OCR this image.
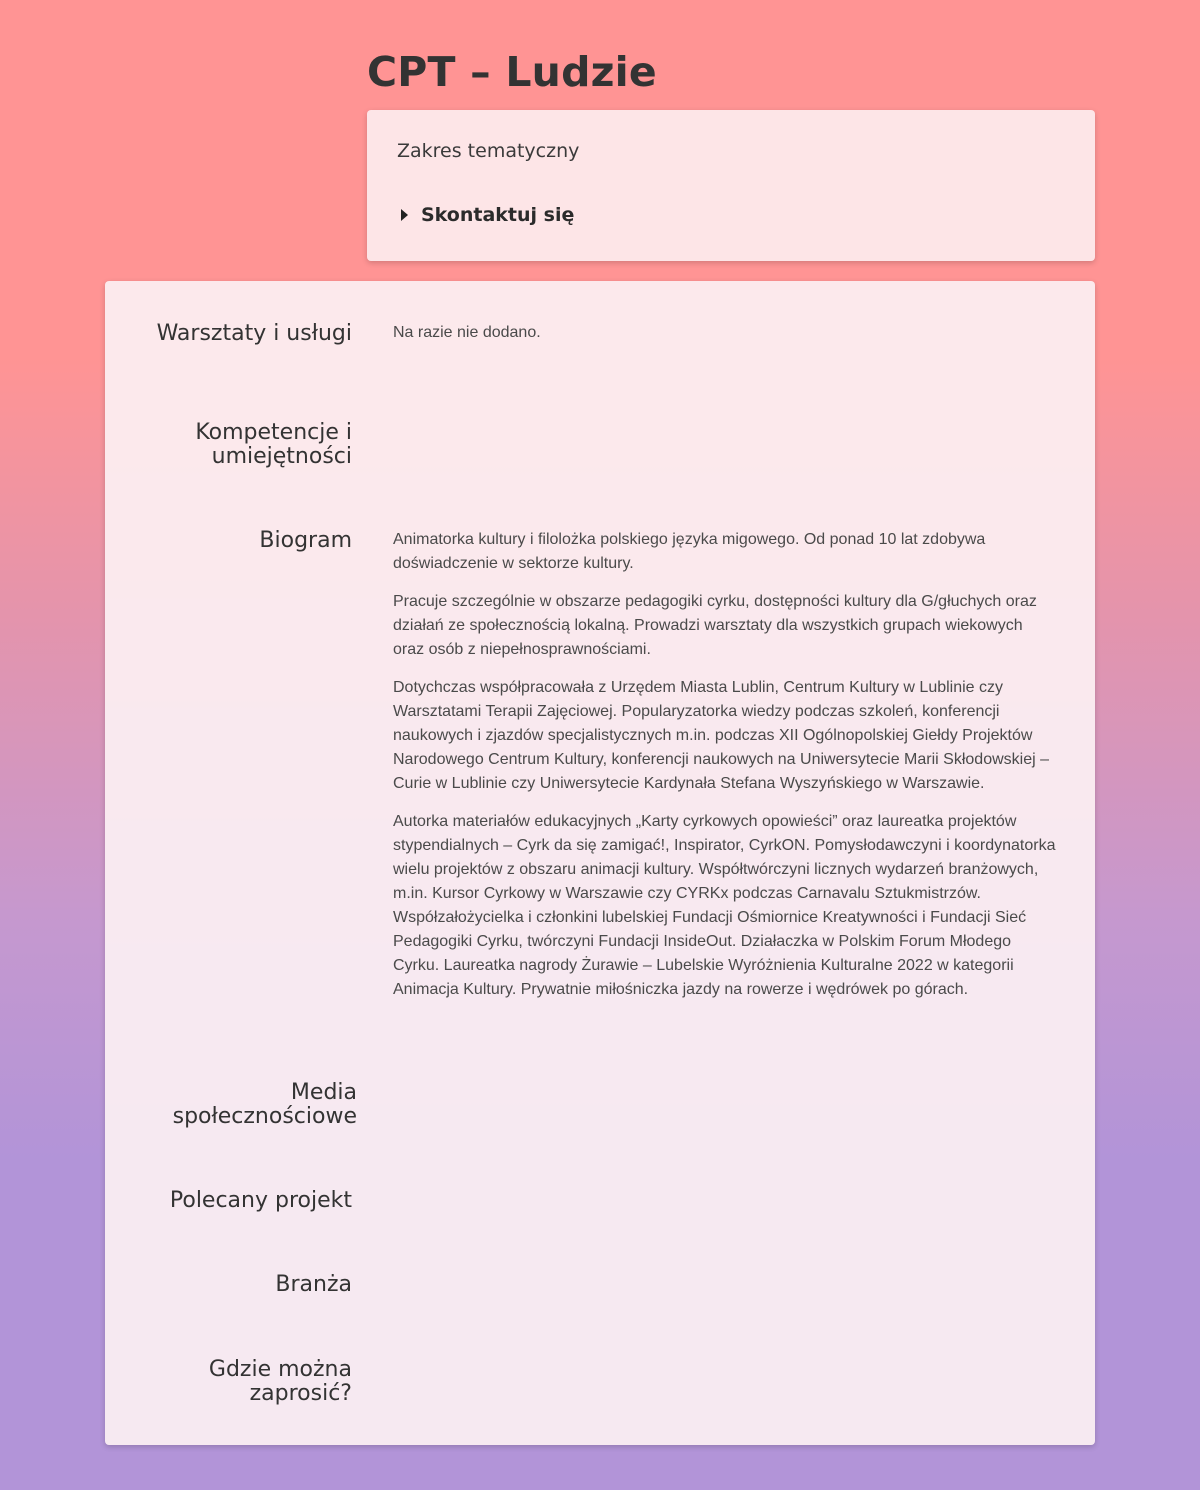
CPT – Ludzie
Zakres tematyczny
Skontaktuj się
Warsztaty i usługi	Na razie nie dodano.
Kompetencje i
umiejętności
Biogram	Animatorka kultury i filolożka polskiego języka migowego. Od ponad 10 lat zdobywa doświadczenie w sektorze kultury.

Pracuje szczególnie w obszarze pedagogiki cyrku, dostępności kultury dla G/głuchych oraz działań ze społecznością lokalną. Prowadzi warsztaty dla wszystkich grupach wiekowych oraz osób z niepełnosprawnościami.

Dotychczas współpracowała z Urzędem Miasta Lublin, Centrum Kultury w Lublinie czy Warsztatami Terapii Zajęciowej. Popularyzatorka wiedzy podczas szkoleń, konferencji naukowych i zjazdów specjalistycznych m.in. podczas XII Ogólnopolskiej Giełdy Projektów Narodowego Centrum Kultury, konferencji naukowych na Uniwersytecie Marii Skłodowskiej – Curie w Lublinie czy Uniwersytecie Kardynała Stefana Wyszyńskiego w Warszawie.

Autorka materiałów edukacyjnych „Karty cyrkowych opowieści” oraz laureatka projektów stypendialnych – Cyrk da się zamigać!, Inspirator, CyrkON. Pomysłodawczyni i koordynatorka wielu projektów z obszaru animacji kultury. Współtwórczyni licznych wydarzeń branżowych, m.in. Kursor Cyrkowy w Warszawie czy CYRKx podczas Carnavalu Sztukmistrzów. Współzałożycielka i członkini lubelskiej Fundacji Ośmiornice Kreatywności i Fundacji Sieć Pedagogiki Cyrku, twórczyni Fundacji InsideOut. Działaczka w Polskim Forum Młodego Cyrku. Laureatka nagrody Żurawie – Lubelskie Wyróżnienia Kulturalne 2022 w kategorii Animacja Kultury. Prywatnie miłośniczka jazdy na rowerze i wędrówek po górach.

Media
społecznościowe
Polecany projekt
Branża
Gdzie można
zaprosić?
